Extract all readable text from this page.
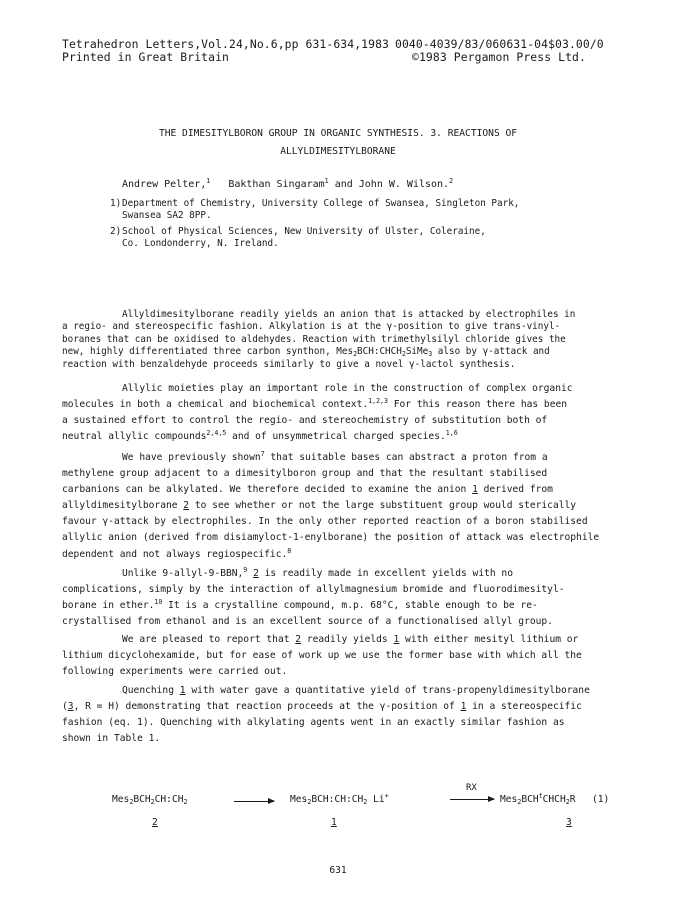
Tetrahedron Letters,Vol.24,No.6,pp 631-634,1983
Printed in Great Britain
0040-4039/83/060631-04$03.00/0
©1983 Pergamon Press Ltd.
THE DIMESITYLBORON GROUP IN ORGANIC SYNTHESIS. 3. REACTIONS OF
ALLYLDIMESITYLBORANE
Andrew Pelter,$^1$ Bakthan Singaram$^1$ and John W. Wilson.$^2$
1) Department of Chemistry, University College of Swansea, Singleton Park,
Swansea SA2 8PP.
2) School of Physical Sciences, New University of Ulster, Coleraine,
Co. Londonderry, N. Ireland.
Allyldimesitylborane readily yields an anion that is attacked by electrophiles in
a regio- and stereospecific fashion. Alkylation is at the γ-position to give trans-vinyl-
boranes that can be oxidised to aldehydes. Reaction with trimethylsilyl chloride gives the
new, highly differentiated three carbon synthon, $Mes_2BCH:CHCH_2SiMe_3$ also by γ-attack and
reaction with benzaldehyde proceeds similarly to give a novel γ-lactol synthesis.
Allylic moieties play an important role in the construction of complex organic
molecules in both a chemical and biochemical context.$^{1,2,3}$ For this reason there has been
a sustained effort to control the regio- and stereochemistry of substitution both of
neutral allylic compounds$^{2,4,5}$ and of unsymmetrical charged species.$^{1,6}$
We have previously shown$^7$ that suitable bases can abstract a proton from a
methylene group adjacent to a dimesitylboron group and that the resultant stabilised
carbanions can be alkylated. We therefore decided to examine the anion 1 derived from
allyldimesitylborane 2 to see whether or not the large substituent group would sterically
favour γ-attack by electrophiles. In the only other reported reaction of a boron stabilised
allylic anion (derived from disiamyloct-1-enylborane) the position of attack was electrophile
dependent and not always regiospecific.$^8$
Unlike 9-allyl-9-BBN,$^9$ 2 is readily made in excellent yields with no
complications, simply by the interaction of allylmagnesium bromide and fluorodimesityl-
borane in ether.$^{10}$ It is a crystalline compound, m.p. 68°C, stable enough to be re-
crystallised from ethanol and is an excellent source of a functionalised allyl group.
We are pleased to report that 2 readily yields 1 with either mesityl lithium or
lithium dicyclohexamide, but for ease of work up we use the former base with which all the
following experiments were carried out.
Quenching 1 with water gave a quantitative yield of trans-propenyldimesitylborane
(3, R = H) demonstrating that reaction proceeds at the γ-position of 1 in a stereospecific
fashion (eq. 1). Quenching with alkylating agents went in an exactly similar fashion as
shown in Table 1.
$Mes_2BCH_2CH:CH_2$	→ $Mes_2BCH:CH:CH_2$ Li+
RX
→ $Mes_2BCH^tCHCH_2R$ (1)
2	1	3
631
